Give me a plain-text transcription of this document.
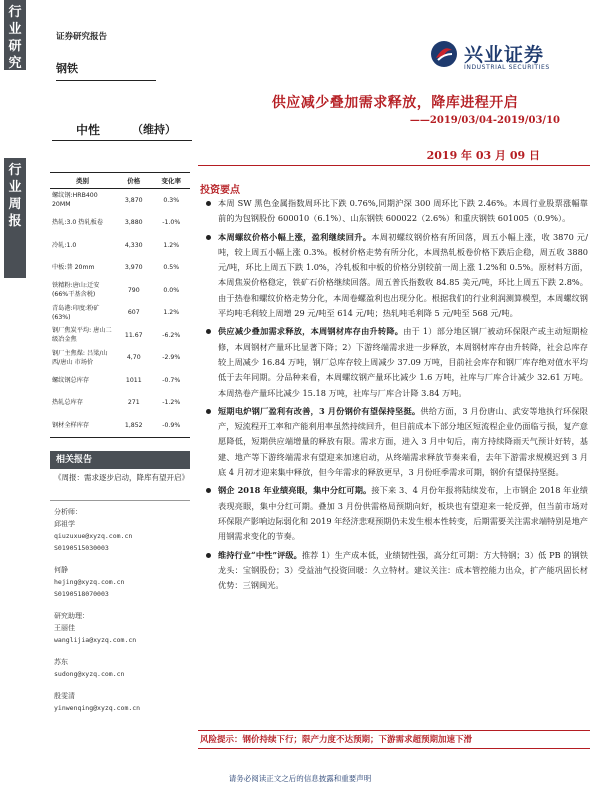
行业研究
行业周报
证券研究报告
钢铁
兴业证券
INDUSTRIAL SECURITIES
供应减少叠加需求释放，降库进程开启
——2019/03/04-2019/03/10
中性	（维持）
2019 年 03 月 09 日
类别	价格	变化率
螺纹钢:HRB400 20MM	3,870	0.3%
热轧:3.0 热轧板卷	3,880	-1.0%
冷轧:1.0	4,330	1.2%
中板:普 20mm	3,970	0.5%
铁精粉:唐山:迁安 (66%干基含税)	790	0.0%
青岛港:印度:粉矿 (63%)	607	1.2%
钢厂焦炭平均: 唐山二级冶金焦	11.67	-6.2%
钢厂主焦煤: 吕梁/山西/唐山 市场价	4,70	-2.9%
螺纹钢总库存	1011	-0.7%
热轧总库存	271	-1.2%
钢材全样库存	1,852	-0.9%
相关报告
《周报：需求逐步启动，降库有望开启》
分析师：
邱祖学
qiuzuxue@xyzq.com.cn
S0190515030003
何静
hejing@xyzq.com.cn
S0190518070003
研究助理：
王丽佳
wanglijia@xyzq.com.cn
苏东
sudong@xyzq.com.cn
殷雯清
yinwenqing@xyzq.com.cn
投资要点
本周 SW 黑色金属指数周环比下跌 0.76%,同期沪深 300 周环比下跌 2.46%。本周行业股票涨幅靠前的为包钢股份 600010（6.1%）、山东钢铁 600022（2.6%）和重庆钢铁 601005（0.9%）。
本周螺纹价格小幅上涨，盈利继续回升。本周初螺纹钢价格有所回落，周五小幅上涨，收 3870 元/吨，较上周五小幅上涨 0.3%。板材价格走势有所分化，本周热轧板卷价格下跌后企稳，周五收 3880 元/吨，环比上周五下跌 1.0%，冷轧板和中板的价格分别较前一周上涨 1.2%和 0.5%。原材料方面，本周焦炭价格稳定，铁矿石价格继续回落。周五普氏指数收 84.85 美元/吨，环比上周五下跌 2.8%。由于热卷和螺纹价格走势分化，本周卷螺盈利也出现分化。根据我们的行业利润测算模型，本周螺纹钢平均吨毛利较上周增 29 元/吨至 614 元/吨；热轧吨毛利降 5 元/吨至 568 元/吨。
供应减少叠加需求释放，本周钢材库存由升转降。由于 1）部分地区钢厂被动环保限产或主动短期检修，本周钢材产量环比显著下降；2）下游终端需求进一步释放，本周钢材库存由升转降，社会总库存较上周减少 16.84 万吨，钢厂总库存较上周减少 37.09 万吨，目前社会库存和钢厂库存绝对值水平均低于去年同期。分品种来看，本周螺纹钢产量环比减少 1.6 万吨，社库与厂库合计减少 32.61 万吨。本周热卷产量环比减少 15.18 万吨，社库与厂库合计降 3.84 万吨。
短期电炉钢厂盈利有改善，3 月份钢价有望保持坚挺。供给方面，3 月份唐山、武安等地执行环保限产，短流程开工率和产能利用率虽然持续回升，但目前成本下部分地区短流程企业仍面临亏损，复产意愿降低，短期供应端增量的释放有限。需求方面，进入 3 月中旬后，南方持续降雨天气预计好转，基建、地产等下游终端需求有望迎来加速启动，从终端需求释放节奏来看，去年下游需求规模迟到 3 月底 4 月初才迎来集中释放，但今年需求的释放更早，3 月份旺季需求可期，钢价有望保持坚挺。
钢企 2018 年业绩亮眼，集中分红可期。接下来 3、4 月份年报将陆续发布，上市钢企 2018 年业绩表现亮眼，集中分红可期。叠加 3 月份供需格局预期向好，板块也有望迎来一轮反弹，但当前市场对环保限产影响边际弱化和 2019 年经济悲观预期仍未发生根本性转变，后期需要关注需求端特别是地产用钢需求变化的节奏。
维持行业“中性”评级。推荐 1）生产成本低，业绩韧性强，高分红可期：方大特钢；3）低 PB 的钢铁龙头：宝钢股份；3）受益油气投资回暖：久立特材。建议关注：成本管控能力出众，扩产能巩固长材优势：三钢闽光。
风险提示：钢价持续下行；限产力度不达预期；下游需求超预期加速下滑
请务必阅读正文之后的信息披露和重要声明
